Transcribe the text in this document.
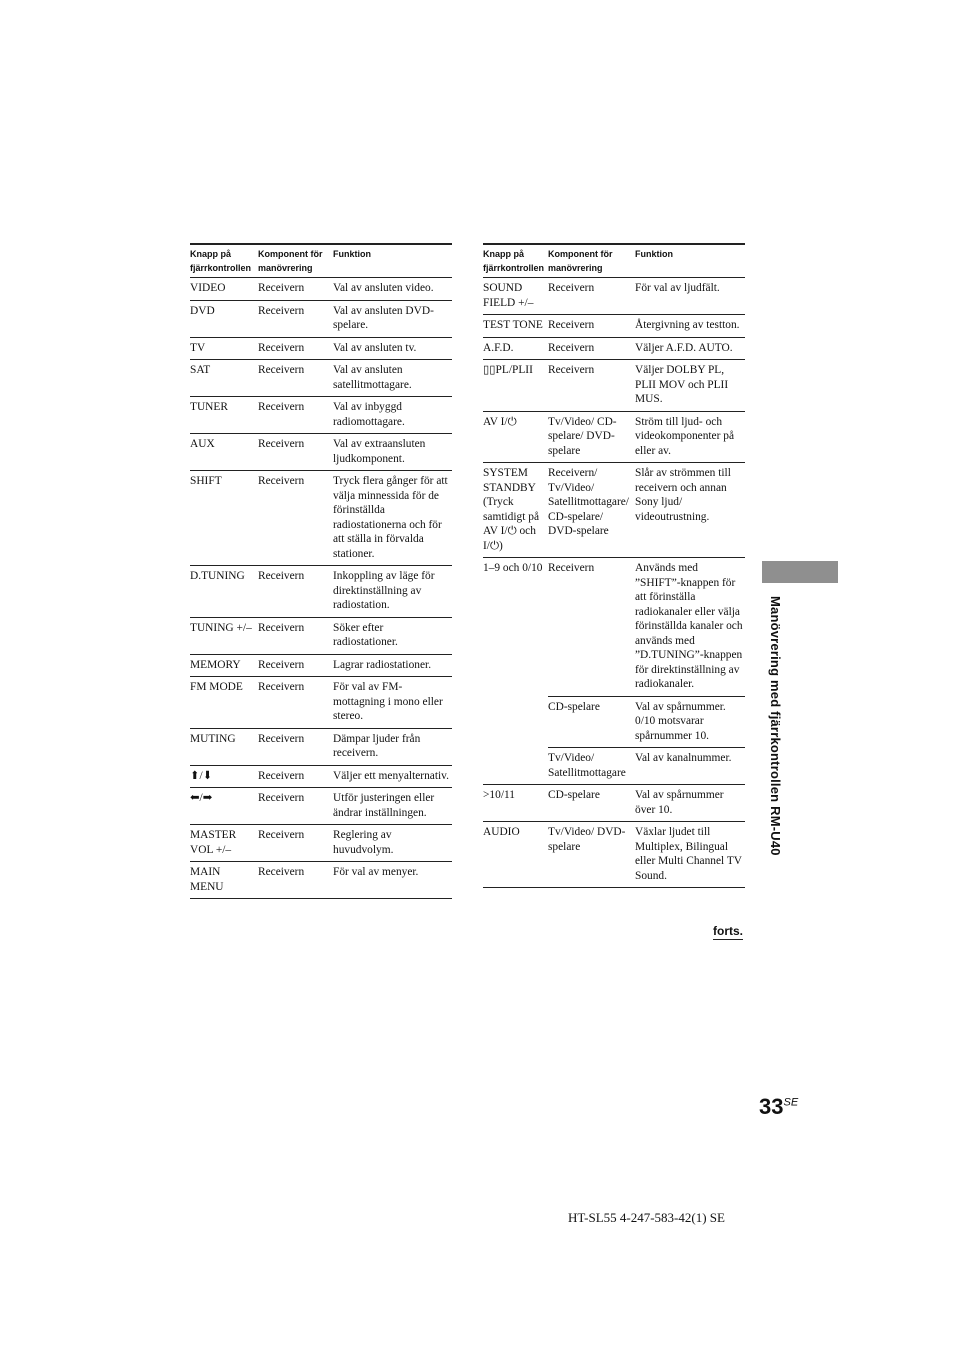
Knapp på fjärrkontrollen	Komponent för manövrering	Funktion
VIDEO	Receivern	Val av ansluten video.
DVD	Receivern	Val av ansluten DVD-spelare.
TV	Receivern	Val av ansluten tv.
SAT	Receivern	Val av ansluten satellitmottagare.
TUNER	Receivern	Val av inbyggd radiomottagare.
AUX	Receivern	Val av extraansluten ljudkomponent.
SHIFT	Receivern	Tryck flera gånger för att välja minnessida för de förinställda radiostationerna och för att ställa in förvalda stationer.
D.TUNING	Receivern	Inkoppling av läge för direktinställning av radiostation.
TUNING +/–	Receivern	Söker efter radiostationer.
MEMORY	Receivern	Lagrar radiostationer.
FM MODE	Receivern	För val av FM-mottagning i mono eller stereo.
MUTING	Receivern	Dämpar ljuder från receivern.
⬆/⬇	Receivern	Väljer ett menyalternativ.
⬅/➡	Receivern	Utför justeringen eller ändrar inställningen.
MASTER VOL +/–	Receivern	Reglering av huvudvolym.
MAIN MENU	Receivern	För val av menyer.
Knapp på fjärrkontrollen	Komponent för manövrering	Funktion
SOUND FIELD +/–	Receivern	För val av ljudfält.
TEST TONE	Receivern	Återgivning av testton.
A.F.D.	Receivern	Väljer A.F.D. AUTO.
▯▯PL/PLII	Receivern	Väljer DOLBY PL, PLII MOV och PLII MUS.
AV I/⏻	Tv/Video/ CD-spelare/ DVD-spelare	Ström till ljud- och videokomponenter på eller av.
SYSTEM STANDBY (Tryck samtidigt på AV I/⏻ och I/⏻)	Receivern/ Tv/Video/ Satellitmottagare/ CD-spelare/ DVD-spelare	Slår av strömmen till receivern och annan Sony ljud/ videoutrustning.
1–9 och 0/10	Receivern	Används med ”SHIFT”-knappen för att förinställa radiokanaler eller välja förinställda kanaler och används med ”D.TUNING”-knappen för direktinställning av radiokanaler.
	CD-spelare	Val av spårnummer. 0/10 motsvarar spårnummer 10.
	Tv/Video/ Satellitmottagare	Val av kanalnummer.
>10/11	CD-spelare	Val av spårnummer över 10.
AUDIO	Tv/Video/ DVD-spelare	Växlar ljudet till Multiplex, Bilingual eller Multi Channel TV Sound.
Manövrering med fjärrkontrollen RM-U40
forts.
$33^{SE}$
HT-SL55 4-247-583-42(1) SE
